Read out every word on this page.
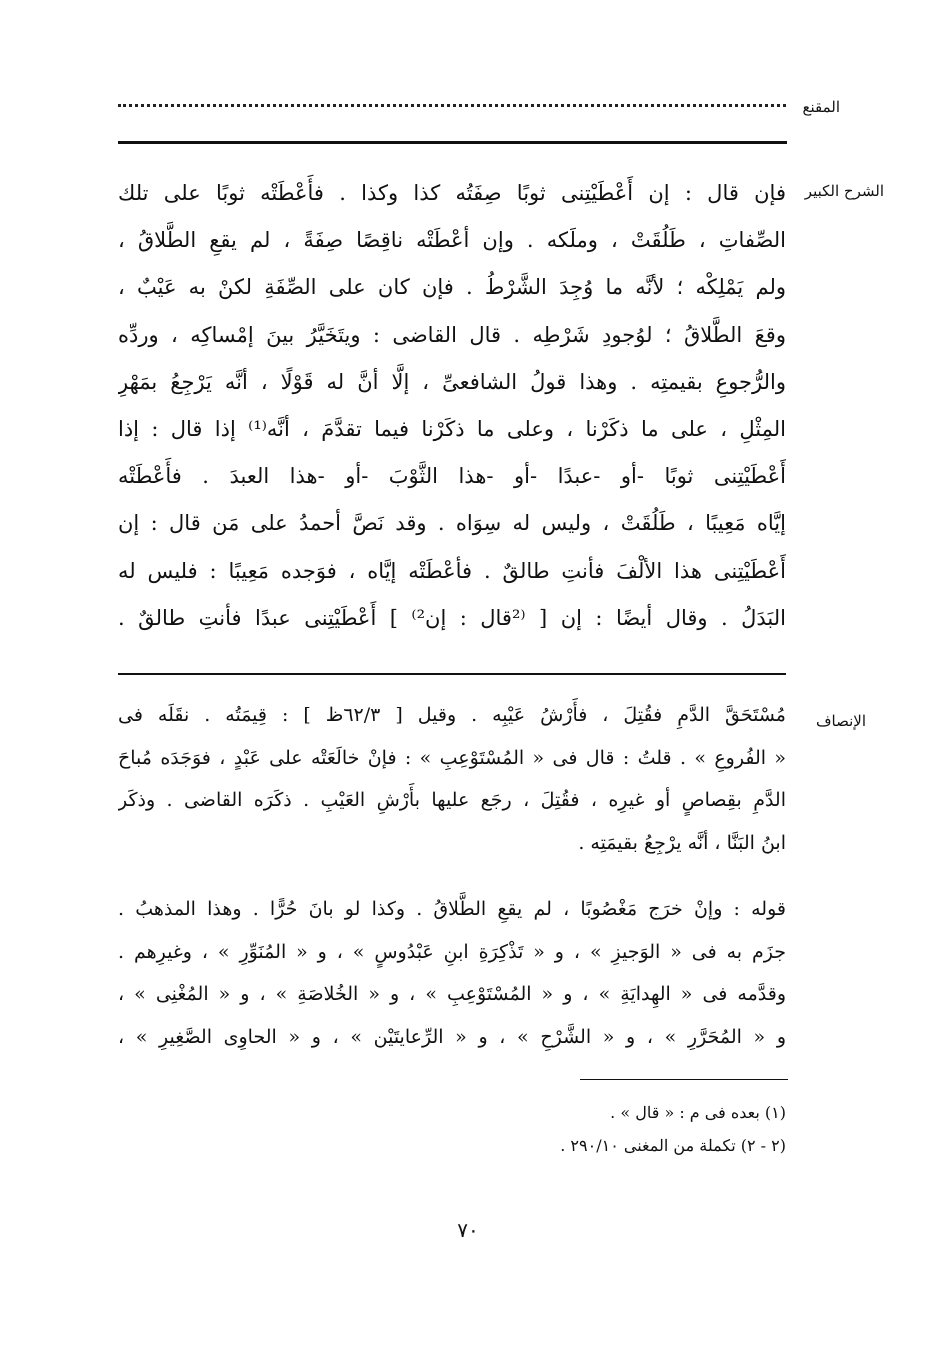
المقنع
الشرح الكبير
فإن قال : إن أَعْطَيْتِنى ثوبًا صِفَتُه كذا وكذا . فأَعْطَتْه ثوبًا على تلك
الصِّفاتِ ، طَلُقَتْ ، وملَكه . وإن أعْطَتْه ناقِصًا صِفَةً ، لم يقعِ الطَّلاقُ ،
ولم يَمْلِكْه ؛ لأنَّه ما وُجِدَ الشَّرْطُ . فإن كان على الصِّفَةِ لكنْ به عَيْبٌ ،
وقعَ الطَّلاقُ ؛ لوُجودِ شَرْطِه . قال القاضى : ويتَخَيَّرُ بينَ إمْساكِه ، وردِّه
والرُّجوعِ بقيمتِه . وهذا قولُ الشافعىِّ ، إلَّا أنَّ له قَوْلًا ، أنَّه يَرْجِعُ بمَهْرِ
المِثْلِ ، على ما ذكَرْنا ، وعلى ما ذكَرْنا فيما تقدَّمَ ، أنَّه⁽¹⁾ إذا قال : إذا
أَعْطَيْتِنى ثوبًا -أو -عبدًا -أو -هذا الثَّوْبَ -أو -هذا العبدَ . فأَعْطَتْه
إيَّاه مَعِيبًا ، طَلُقَتْ ، وليس له سِوَاه . وقد نَصَّ أحمدُ على مَن قال : إن
أَعْطَيْتِنى هذا الألْفَ فأنتِ طالقٌ . فأعْطَتْه إيَّاه ، فوَجده مَعِيبًا : فليس له
البَدَلُ . وقال أيضًا : إن [ ⁽²قال : إن²⁾ ] أَعْطَيْتِنى عبدًا فأنتِ طالقٌ .
الإنصاف
مُسْتَحَقَّ الدَّمِ فقُتِلَ ، فأَرْشُ عَيْبِه . وقيل [ ٦٢/٣ظ ] : قِيمَتُه . نقَلَه فى
« الفُروعِ » . قلتُ : قال فى « المُسْتَوْعِبِ » : فإنْ خالَعَتْه على عَبْدٍ ، فوَجَدَه مُباحَ
الدَّمِ بقِصاصٍ أو غيرِه ، فقُتِلَ ، رجَع عليها بأَرْشِ العَيْبِ . ذكَرَه القاضى . وذكَر
ابنُ البَنَّا ، أنَّه يرْجِعُ بقيمَتِه .
قوله : وإنْ خرَج مَغْصُوبًا ، لم يقعِ الطَّلاقُ . وكذا لو بانَ حُرًّا . وهذا المذهبُ .
جزَم به فى « الوَجيزِ » ، و « تَذْكِرَةِ ابنِ عَبْدُوسٍ » ، و « المُنَوِّرِ » ، وغيرِهم .
وقدَّمه فى « الهِدايَةِ » ، و « المُسْتَوْعِبِ » ، و « الخُلاصَةِ » ، و « المُغْنِى » ،
و « المُحَرَّرِ » ، و « الشَّرْحِ » ، و « الرِّعايتَيْن » ، و « الحاوِى الصَّغِيرِ » ،
(١) بعده فى م : « قال » .
(٢ - ٢) تكملة من المغنى ٢٩٠/١٠ .
٧٠
